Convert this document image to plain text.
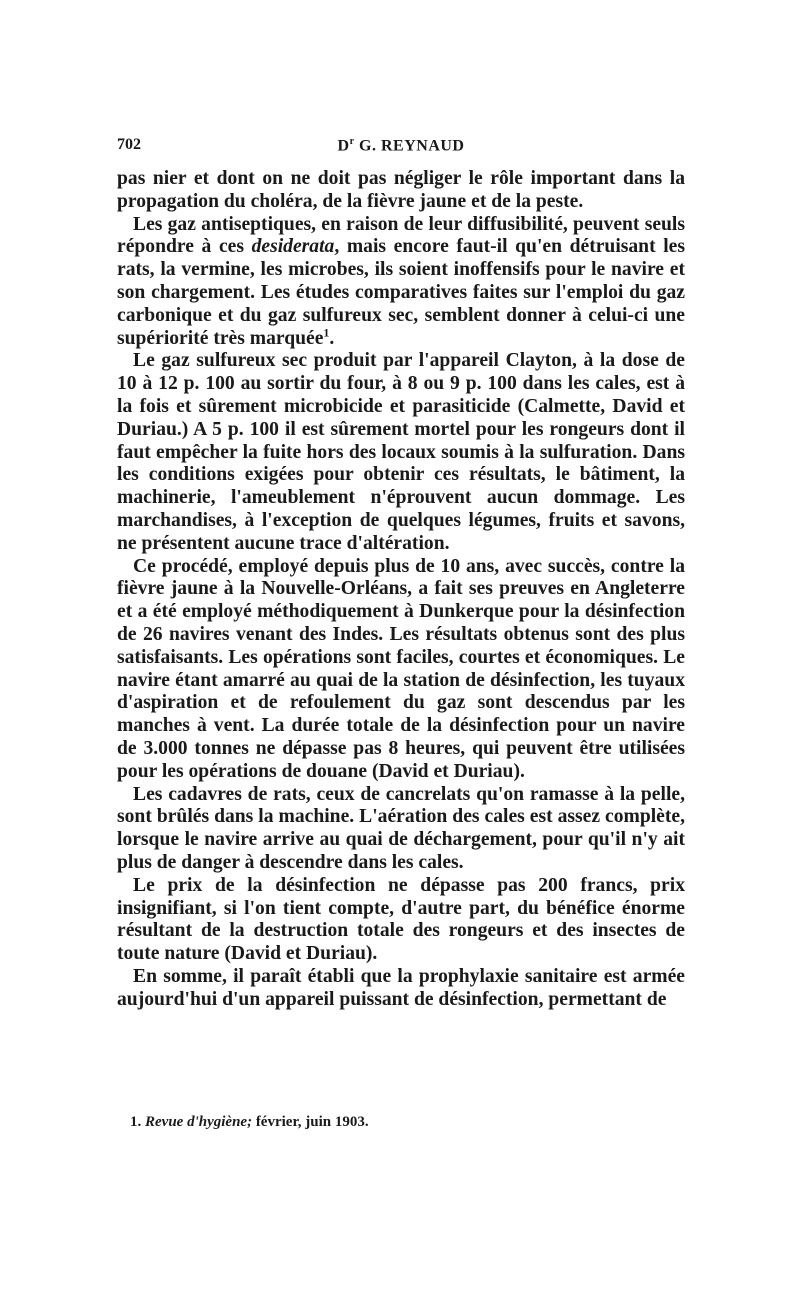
702	$D^r$ G. REYNAUD

pas nier et dont on ne doit pas négliger le rôle important dans la propagation du choléra, de la fièvre jaune et de la peste.

Les gaz antiseptiques, en raison de leur diffusibilité, peuvent seuls répondre à ces desiderata, mais encore faut-il qu'en détruisant les rats, la vermine, les microbes, ils soient inoffensifs pour le navire et son chargement. Les études comparatives faites sur l'emploi du gaz carbonique et du gaz sulfureux sec, semblent donner à celui-ci une supériorité très marquée$^1$.

Le gaz sulfureux sec produit par l'appareil Clayton, à la dose de 10 à 12 p. 100 au sortir du four, à 8 ou 9 p. 100 dans les cales, est à la fois et sûrement microbicide et parasiticide (Calmette, David et Duriau.) A 5 p. 100 il est sûrement mortel pour les rongeurs dont il faut empêcher la fuite hors des locaux soumis à la sulfuration. Dans les conditions exigées pour obtenir ces résultats, le bâtiment, la machinerie, l'ameublement n'éprouvent aucun dommage. Les marchandises, à l'exception de quelques légumes, fruits et savons, ne présentent aucune trace d'altération.

Ce procédé, employé depuis plus de 10 ans, avec succès, contre la fièvre jaune à la Nouvelle-Orléans, a fait ses preuves en Angleterre et a été employé méthodiquement à Dunkerque pour la désinfection de 26 navires venant des Indes. Les résultats obtenus sont des plus satisfaisants. Les opérations sont faciles, courtes et économiques. Le navire étant amarré au quai de la station de désinfection, les tuyaux d'aspiration et de refoulement du gaz sont descendus par les manches à vent. La durée totale de la désinfection pour un navire de 3.000 tonnes ne dépasse pas 8 heures, qui peuvent être utilisées pour les opérations de douane (David et Duriau).

Les cadavres de rats, ceux de cancrelats qu'on ramasse à la pelle, sont brûlés dans la machine. L'aération des cales est assez complète, lorsque le navire arrive au quai de déchargement, pour qu'il n'y ait plus de danger à descendre dans les cales.

Le prix de la désinfection ne dépasse pas 200 francs, prix insignifiant, si l'on tient compte, d'autre part, du bénéfice énorme résultant de la destruction totale des rongeurs et des insectes de toute nature (David et Duriau).

En somme, il paraît établi que la prophylaxie sanitaire est armée aujourd'hui d'un appareil puissant de désinfection, permettant de

1. Revue d'hygiène; février, juin 1903.
